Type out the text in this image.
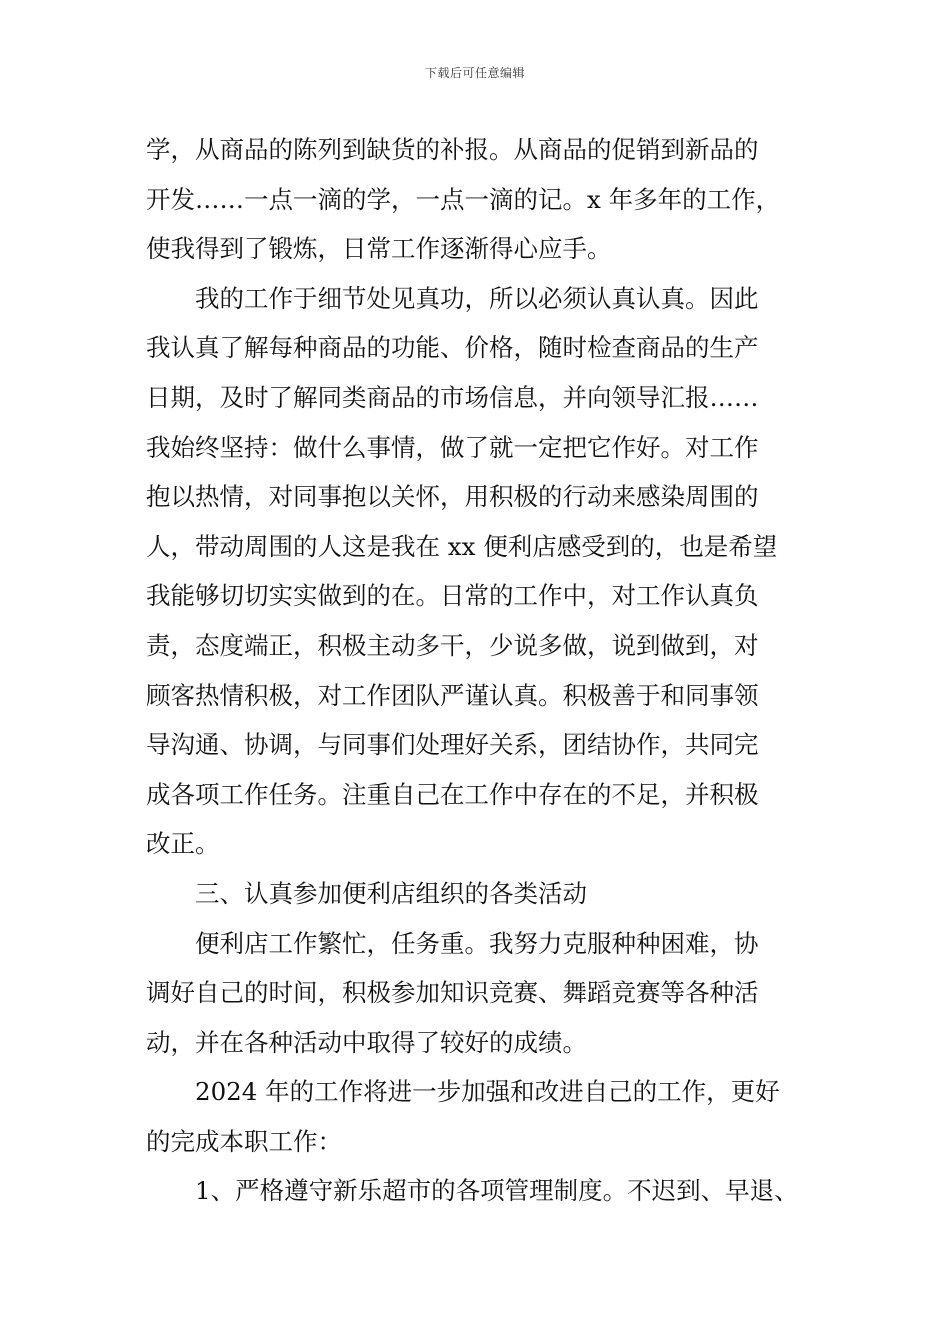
下载后可任意编辑
学，从商品的陈列到缺货的补报。从商品的促销到新品的
开发……一点一滴的学，一点一滴的记。x 年多年的工作，
使我得到了锻炼，日常工作逐渐得心应手。
我的工作于细节处见真功，所以必须认真认真。因此
我认真了解每种商品的功能、价格，随时检查商品的生产
日期，及时了解同类商品的市场信息，并向领导汇报……
我始终坚持：做什么事情，做了就一定把它作好。对工作
抱以热情，对同事抱以关怀，用积极的行动来感染周围的
人，带动周围的人这是我在 xx 便利店感受到的，也是希望
我能够切切实实做到的在。日常的工作中，对工作认真负
责，态度端正，积极主动多干，少说多做，说到做到，对
顾客热情积极，对工作团队严谨认真。积极善于和同事领
导沟通、协调，与同事们处理好关系，团结协作，共同完
成各项工作任务。注重自己在工作中存在的不足，并积极
改正。
三、认真参加便利店组织的各类活动
便利店工作繁忙，任务重。我努力克服种种困难，协
调好自己的时间，积极参加知识竞赛、舞蹈竞赛等各种活
动，并在各种活动中取得了较好的成绩。
2024 年的工作将进一步加强和改进自己的工作，更好
的完成本职工作：
1、严格遵守新乐超市的各项管理制度。不迟到、早退、
